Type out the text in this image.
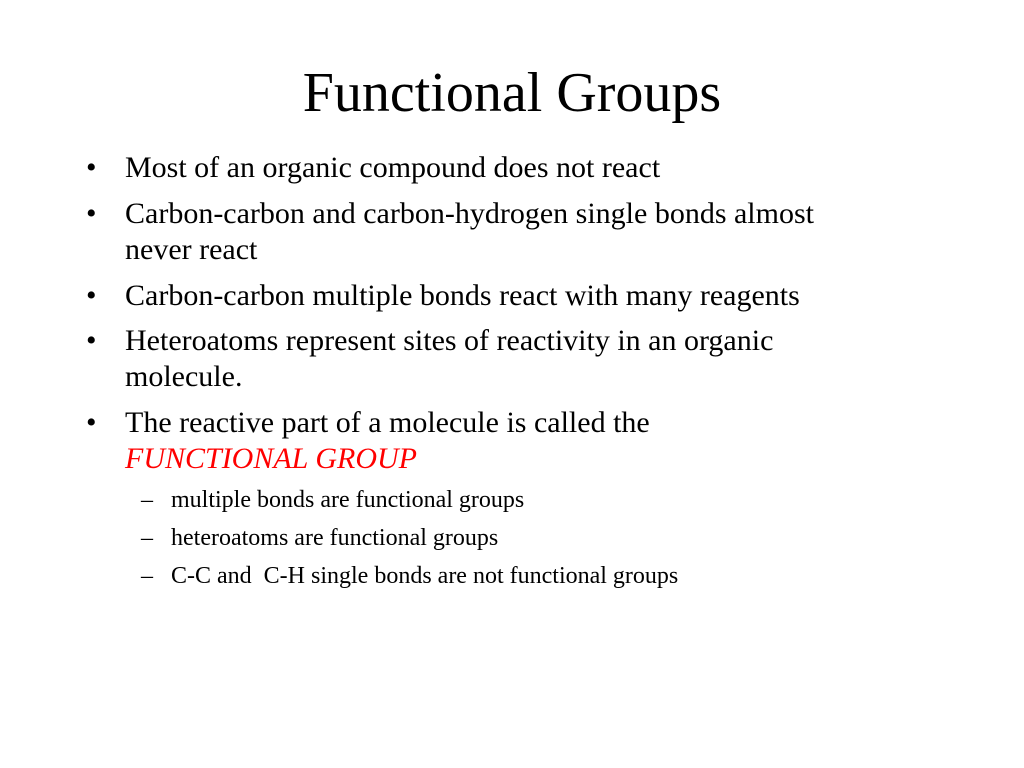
Functional Groups
• Most of an organic compound does not react
• Carbon-carbon and carbon-hydrogen single bonds almost
never react
• Carbon-carbon multiple bonds react with many reagents
• Heteroatoms represent sites of reactivity in an organic
molecule.
• The reactive part of a molecule is called the
FUNCTIONAL GROUP
– multiple bonds are functional groups
– heteroatoms are functional groups
– C-C and  C-H single bonds are not functional groups
